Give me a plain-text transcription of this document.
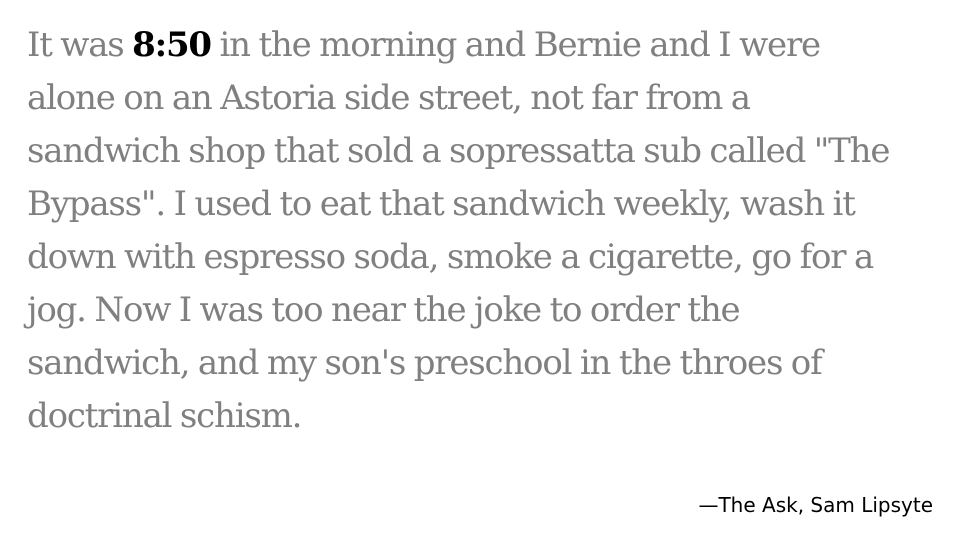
It was 8:50 in the morning and Bernie and I were
alone on an Astoria side street, not far from a
sandwich shop that sold a sopressatta sub called "The
Bypass". I used to eat that sandwich weekly, wash it
down with espresso soda, smoke a cigarette, go for a
jog. Now I was too near the joke to order the
sandwich, and my son's preschool in the throes of
doctrinal schism.

—The Ask, Sam Lipsyte
